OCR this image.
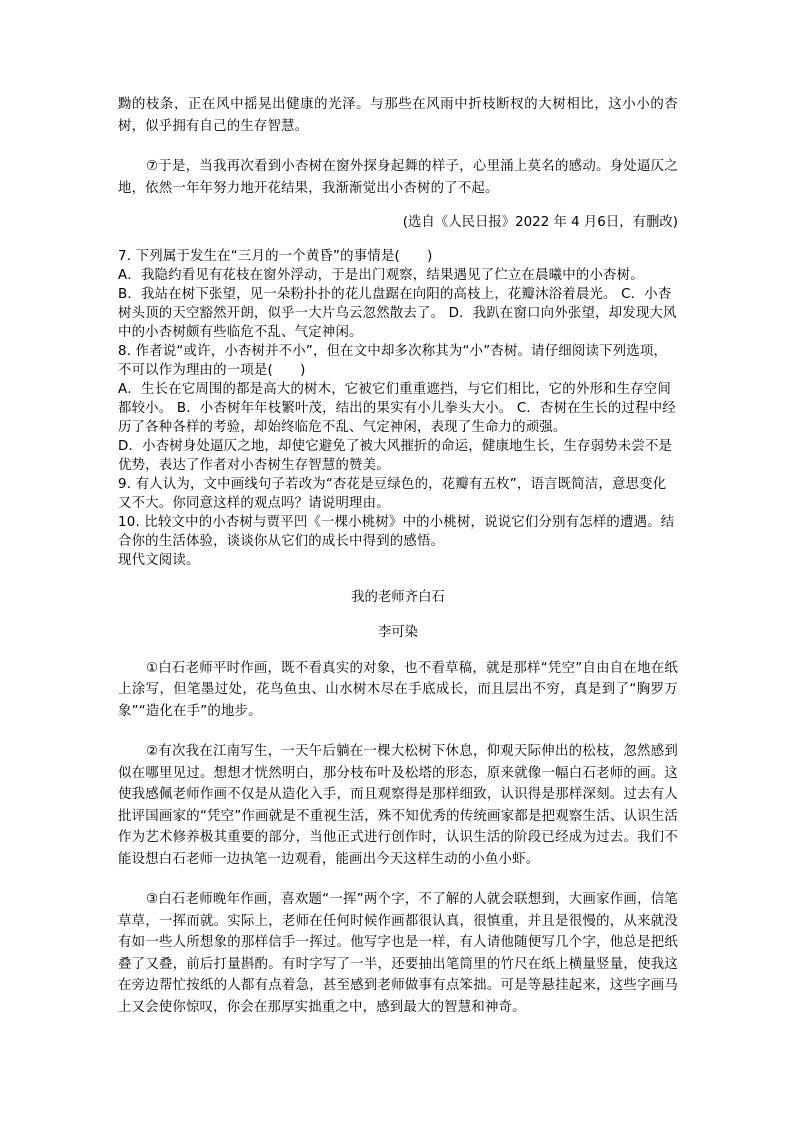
黝的枝条，正在风中摇晃出健康的光泽。与那些在风雨中折枝断杈的大树相比，这小小的杏树，似乎拥有自己的生存智慧。

⑦于是，当我再次看到小杏树在窗外探身起舞的样子，心里涌上莫名的感动。身处逼仄之地，依然一年年努力地开花结果，我渐渐觉出小杏树的了不起。

(选自《人民日报》2022 年 4 月6日，有删改)

7. 下列属于发生在“三月的一个黄昏”的事情是(　　)

A．我隐约看见有花枝在窗外浮动，于是出门观察，结果遇见了伫立在晨曦中的小杏树。

B．我站在树下张望，见一朵粉扑扑的花儿盘踞在向阳的高枝上，花瓣沐浴着晨光。 C．小杏树头顶的天空豁然开朗，似乎一大片乌云忽然散去了。 D．我趴在窗口向外张望，却发现大风中的小杏树颇有些临危不乱、气定神闲。

8. 作者说“或许，小杏树并不小”，但在文中却多次称其为“小”杏树。请仔细阅读下列选项，不可以作为理由的一项是(　　)

A．生长在它周围的都是高大的树木，它被它们重重遮挡，与它们相比，它的外形和生存空间都较小。 B．小杏树年年枝繁叶茂，结出的果实有小儿拳头大小。 C．杏树在生长的过程中经历了各种各样的考验，却始终临危不乱、气定神闲，表现了生命力的顽强。

D．小杏树身处逼仄之地，却使它避免了被大风摧折的命运，健康地生长，生存弱势未尝不是优势，表达了作者对小杏树生存智慧的赞美。

9. 有人认为，文中画线句子若改为“杏花是豆绿色的，花瓣有五枚”，语言既简洁，意思变化又不大。你同意这样的观点吗？请说明理由。

10. 比较文中的小杏树与贾平凹《一棵小桃树》中的小桃树，说说它们分别有怎样的遭遇。结合你的生活体验，谈谈你从它们的成长中得到的感悟。

现代文阅读。

我的老师齐白石

李可染

①白石老师平时作画，既不看真实的对象，也不看草稿，就是那样“凭空”自由自在地在纸上涂写，但笔墨过处，花鸟鱼虫、山水树木尽在手底成长，而且层出不穷，真是到了“胸罗万象”“造化在手”的地步。

②有次我在江南写生，一天午后躺在一棵大松树下休息，仰观天际伸出的松枝，忽然感到似在哪里见过。想想才恍然明白，那分枝布叶及松塔的形态，原来就像一幅白石老师的画。这使我感佩老师作画不仅是从造化入手，而且观察得是那样细致，认识得是那样深刻。过去有人批评国画家的“凭空”作画就是不重视生活，殊不知优秀的传统画家都是把观察生活、认识生活作为艺术修养极其重要的部分，当他正式进行创作时，认识生活的阶段已经成为过去。我们不能设想白石老师一边执笔一边观看，能画出今天这样生动的小鱼小虾。

③白石老师晚年作画，喜欢题“一挥”两个字，不了解的人就会联想到，大画家作画，信笔草草，一挥而就。实际上，老师在任何时候作画都很认真，很慎重，并且是很慢的，从来就没有如一些人所想象的那样信手一挥过。他写字也是一样，有人请他随便写几个字，他总是把纸叠了又叠，前后打量斟酌。有时字写了一半，还要抽出笔筒里的竹尺在纸上横量竖量，使我这在旁边帮忙按纸的人都有点着急，甚至感到老师做事有点笨拙。可是等悬挂起来，这些字画马上又会使你惊叹，你会在那厚实拙重之中，感到最大的智慧和神奇。
